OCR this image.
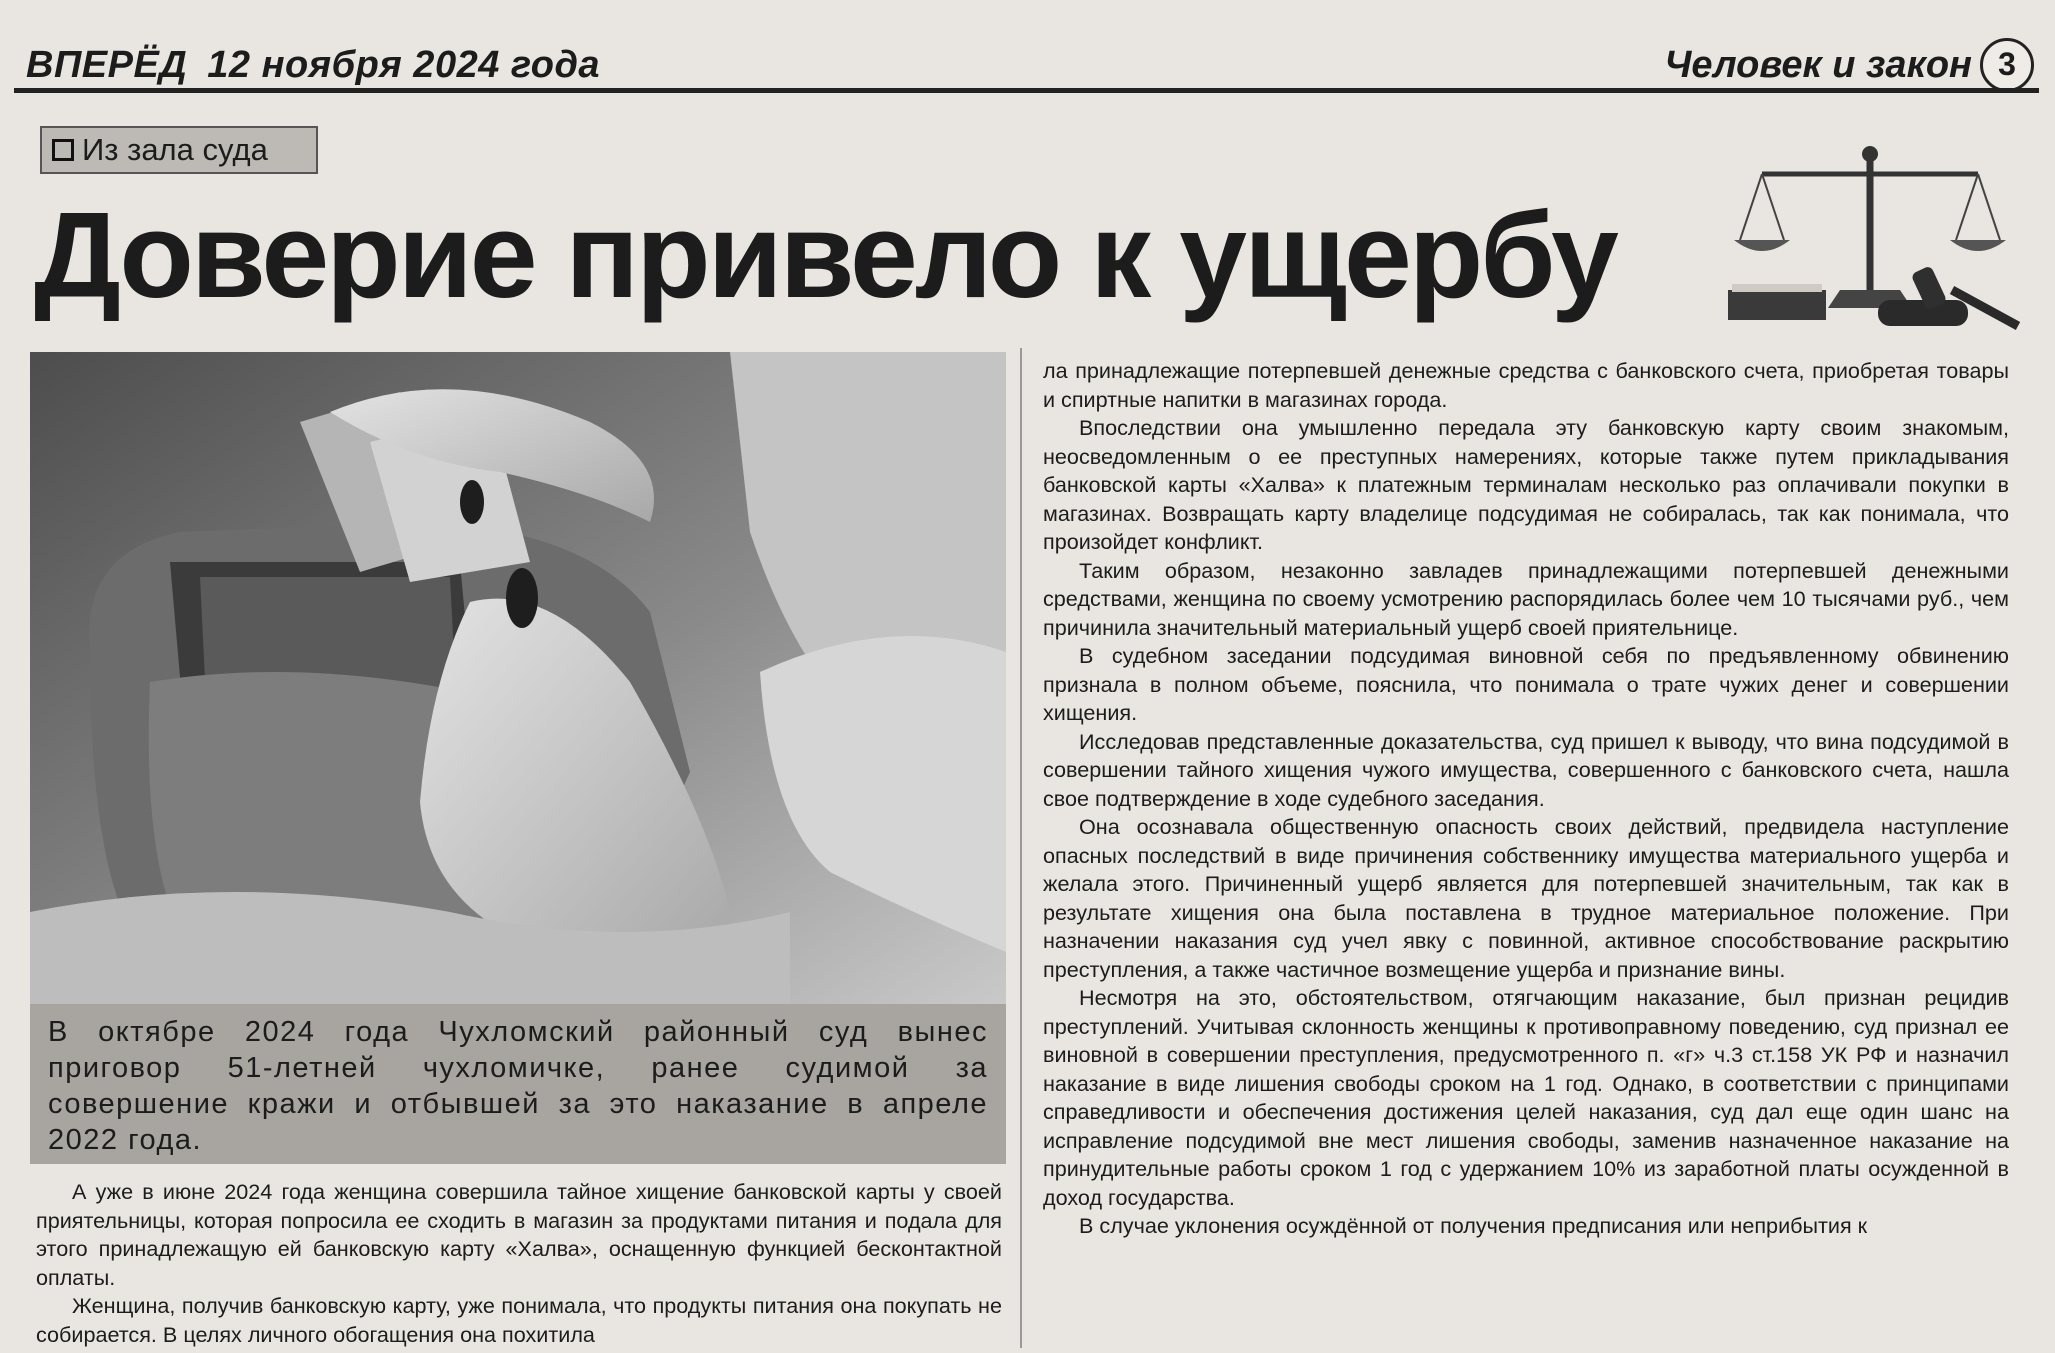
ВПЕРЁД 12 ноября 2024 года	Человек и закон 3
Из зала суда
Доверие привело к ущербу

В октябре 2024 года Чухломский районный суд вынес приговор 51-летней чухломичке, ранее судимой за совершение кражи и отбывшей за это наказание в апреле 2022 года.

А уже в июне 2024 года женщина совершила тайное хищение банковской карты у своей приятельницы, которая попросила ее сходить в магазин за продуктами питания и подала для этого принадлежащую ей банковскую карту «Халва», оснащенную функцией бесконтактной оплаты.

Женщина, получив банковскую карту, уже понимала, что продукты питания она покупать не собирается. В целях личного обогащения она похитила

ла принадлежащие потерпевшей денежные средства с банковского счета, приобретая товары и спиртные напитки в магазинах города.

Впоследствии она умышленно передала эту банковскую карту своим знакомым, неосведомленным о ее преступных намерениях, которые также путем прикладывания банковской карты «Халва» к платежным терминалам несколько раз оплачивали покупки в магазинах. Возвращать карту владелице подсудимая не собиралась, так как понимала, что произойдет конфликт.

Таким образом, незаконно завладев принадлежащими потерпевшей денежными средствами, женщина по своему усмотрению распорядилась более чем 10 тысячами руб., чем причинила значительный материальный ущерб своей приятельнице.

В судебном заседании подсудимая виновной себя по предъявленному обвинению признала в полном объеме, пояснила, что понимала о трате чужих денег и совершении хищения.

Исследовав представленные доказательства, суд пришел к выводу, что вина подсудимой в совершении тайного хищения чужого имущества, совершенного с банковского счета, нашла свое подтверждение в ходе судебного заседания.

Она осознавала общественную опасность своих действий, предвидела наступление опасных последствий в виде причинения собственнику имущества материального ущерба и желала этого. Причиненный ущерб является для потерпевшей значительным, так как в результате хищения она была поставлена в трудное материальное положение. При назначении наказания суд учел явку с повинной, активное способствование раскрытию преступления, а также частичное возмещение ущерба и признание вины.

Несмотря на это, обстоятельством, отягчающим наказание, был признан рецидив преступлений. Учитывая склонность женщины к противоправному поведению, суд признал ее виновной в совершении преступления, предусмотренного п. «г» ч.3 ст.158 УК РФ и назначил наказание в виде лишения свободы сроком на 1 год. Однако, в соответствии с принципами справедливости и обеспечения достижения целей наказания, суд дал еще один шанс на исправление подсудимой вне мест лишения свободы, заменив назначенное наказание на принудительные работы сроком 1 год с удержанием 10% из заработной платы осужденной в доход государства.

В случае уклонения осуждённой от получения предписания или неприбытия к
